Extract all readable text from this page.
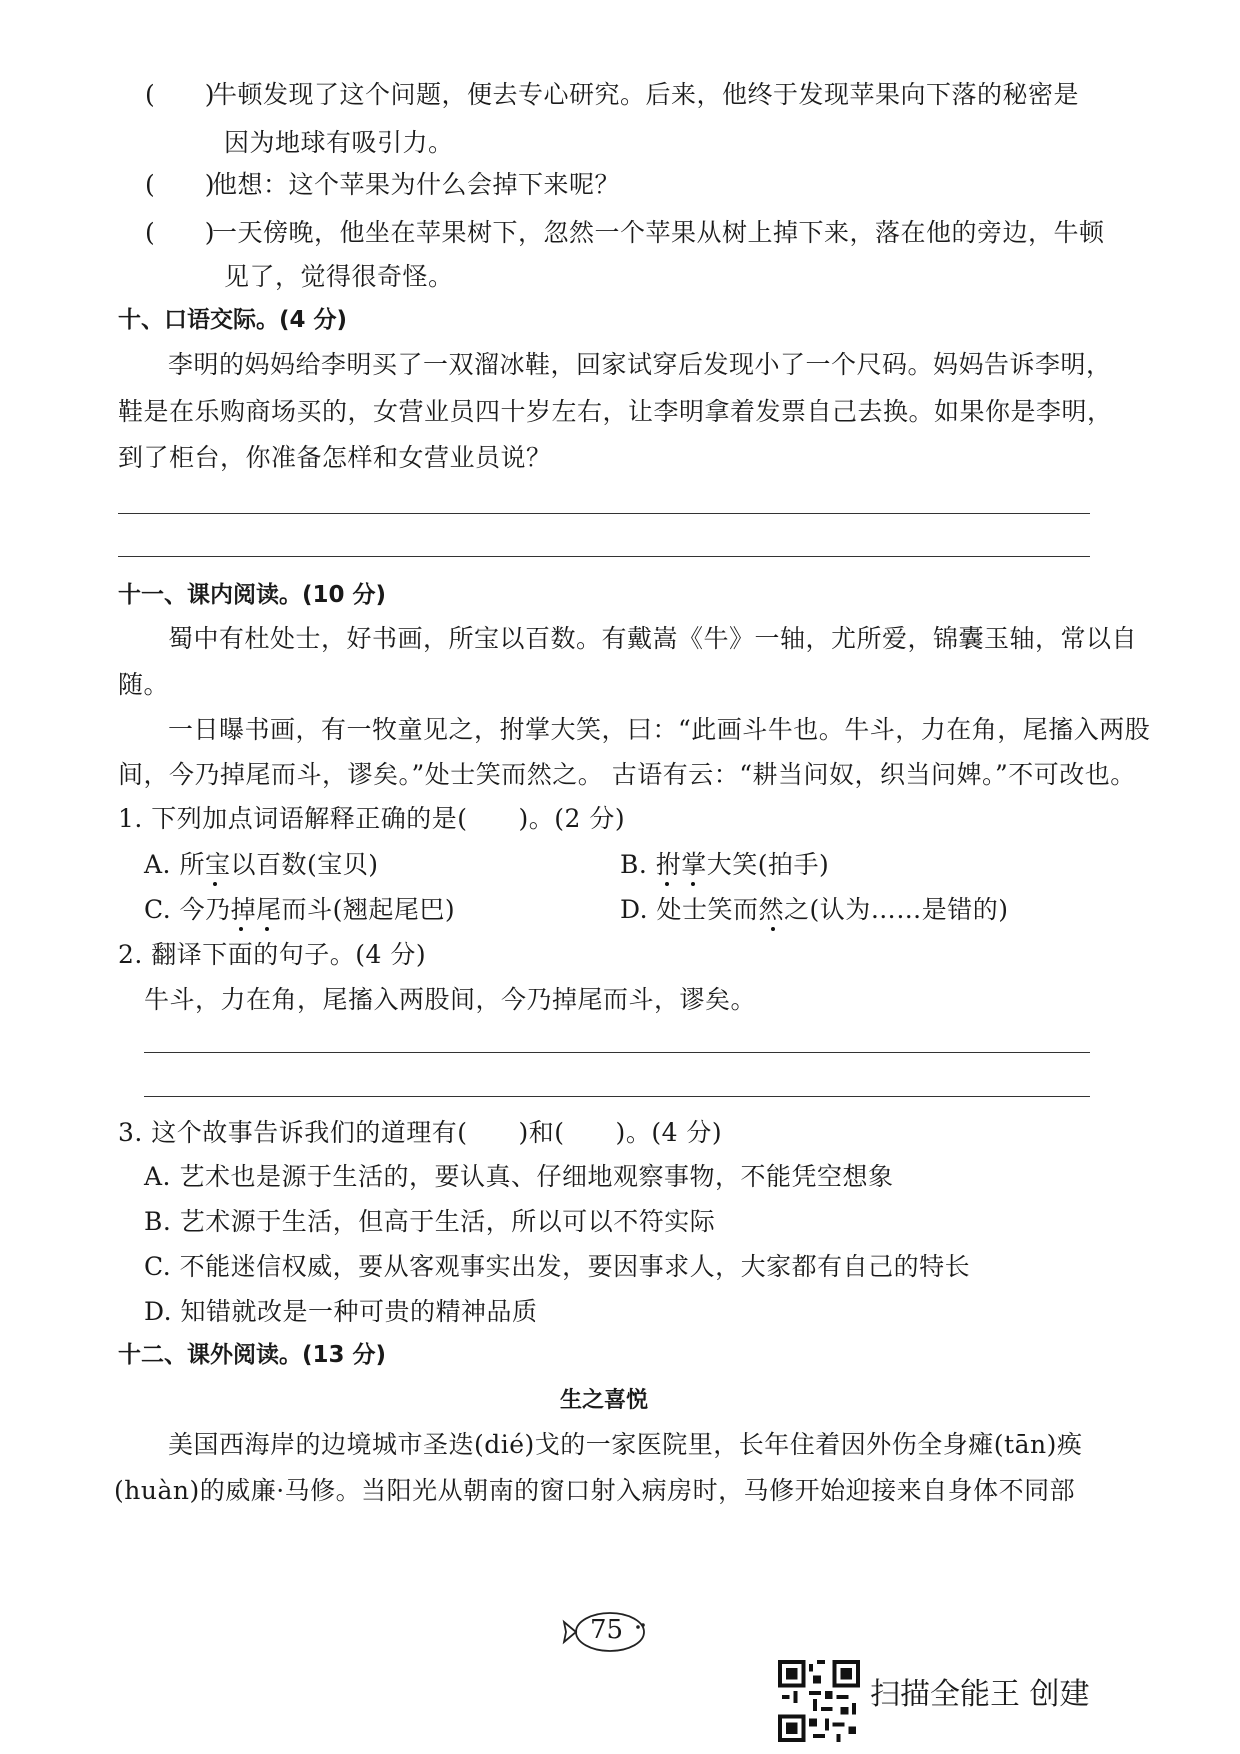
(　　)
牛顿发现了这个问题，便去专心研究。后来，他终于发现苹果向下落的秘密是
因为地球有吸引力。
(　　)
他想：这个苹果为什么会掉下来呢？
(　　)
一天傍晚，他坐在苹果树下，忽然一个苹果从树上掉下来，落在他的旁边，牛顿
见了，觉得很奇怪。
十、口语交际。(4 分)
李明的妈妈给李明买了一双溜冰鞋，回家试穿后发现小了一个尺码。妈妈告诉李明，
鞋是在乐购商场买的，女营业员四十岁左右，让李明拿着发票自己去换。如果你是李明，
到了柜台，你准备怎样和女营业员说？
十一、课内阅读。(10 分)
蜀中有杜处士，好书画，所宝以百数。有戴嵩《牛》一轴，尤所爱，锦囊玉轴，常以自
随。
一日曝书画，有一牧童见之，拊掌大笑，曰：“此画斗牛也。牛斗，力在角，尾搐入两股
间，今乃掉尾而斗，谬矣。”处士笑而然之。 古语有云：“耕当问奴，织当问婢。”不可改也。
1. 下列加点词语解释正确的是(　　)。(2 分)
A. 所宝以百数(宝贝)	B. 拊掌大笑(拍手)
C. 今乃掉尾而斗(翘起尾巴)	D. 处士笑而然之(认为……是错的)
2. 翻译下面的句子。(4 分)
牛斗，力在角，尾搐入两股间，今乃掉尾而斗，谬矣。
3. 这个故事告诉我们的道理有(　　)和(　　)。(4 分)
A. 艺术也是源于生活的，要认真、仔细地观察事物，不能凭空想象
B. 艺术源于生活，但高于生活，所以可以不符实际
C. 不能迷信权威，要从客观事实出发，要因事求人，大家都有自己的特长
D. 知错就改是一种可贵的精神品质
十二、课外阅读。(13 分)
生之喜悦
美国西海岸的边境城市圣迭(dié)戈的一家医院里，长年住着因外伤全身瘫(tān)痪
(huàn)的威廉·马修。当阳光从朝南的窗口射入病房时，马修开始迎接来自身体不同部
75
扫描全能王 创建
